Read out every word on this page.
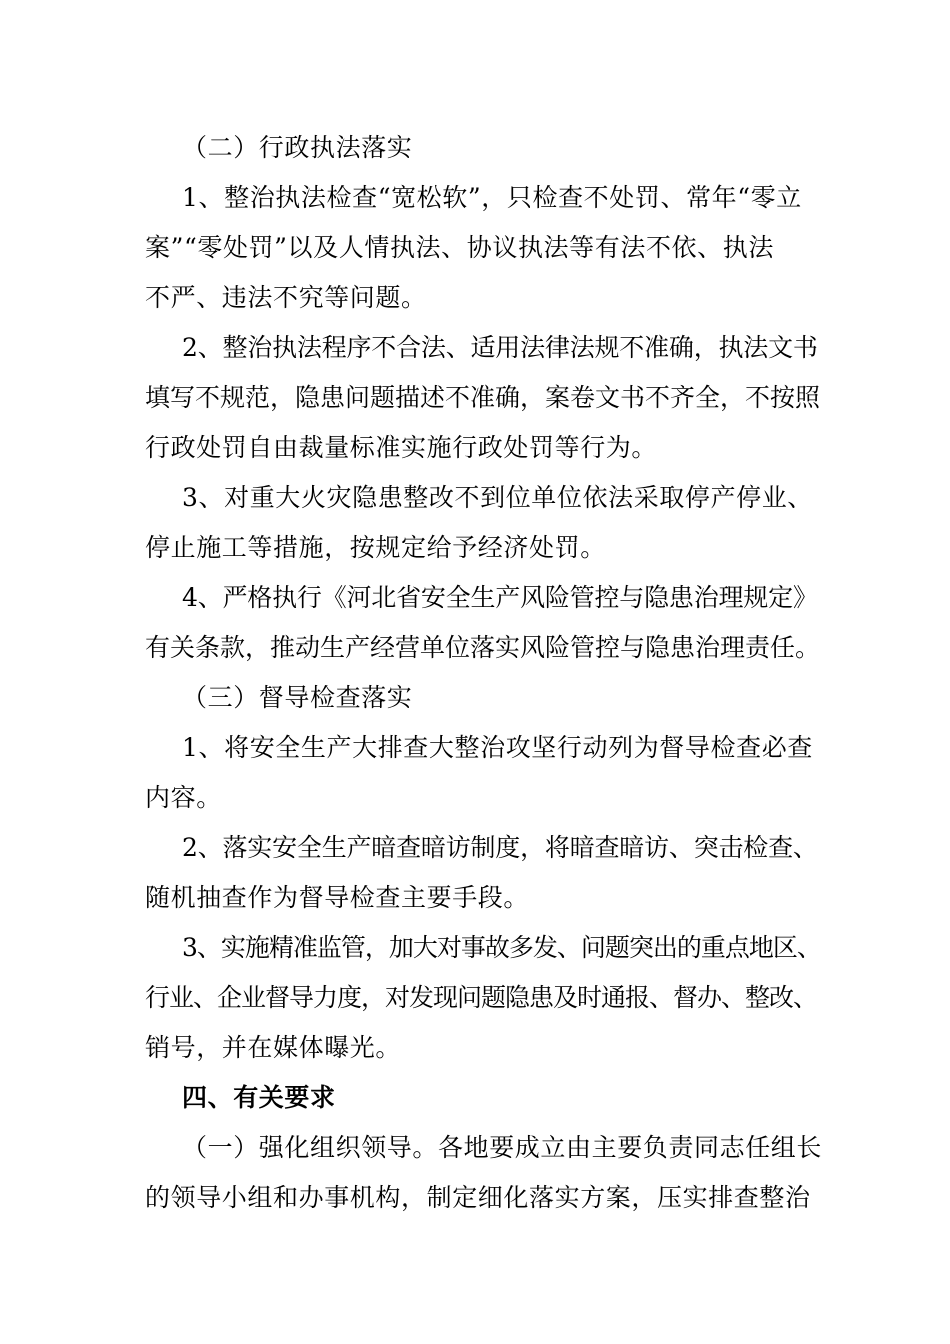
（二）行政执法落实
1、整治执法检查“宽松软”，只检查不处罚、常年“零立
案”“零处罚”以及人情执法、协议执法等有法不依、执法
不严、违法不究等问题。
2、整治执法程序不合法、适用法律法规不准确，执法文书
填写不规范，隐患问题描述不准确，案卷文书不齐全，不按照
行政处罚自由裁量标准实施行政处罚等行为。
3、对重大火灾隐患整改不到位单位依法采取停产停业、
停止施工等措施，按规定给予经济处罚。
4、严格执行《河北省安全生产风险管控与隐患治理规定》
有关条款，推动生产经营单位落实风险管控与隐患治理责任。
（三）督导检查落实
1、将安全生产大排查大整治攻坚行动列为督导检查必查
内容。
2、落实安全生产暗查暗访制度，将暗查暗访、突击检查、
随机抽查作为督导检查主要手段。
3、实施精准监管，加大对事故多发、问题突出的重点地区、
行业、企业督导力度，对发现问题隐患及时通报、督办、整改、
销号，并在媒体曝光。
四、有关要求
（一）强化组织领导。各地要成立由主要负责同志任组长
的领导小组和办事机构，制定细化落实方案，压实排查整治
